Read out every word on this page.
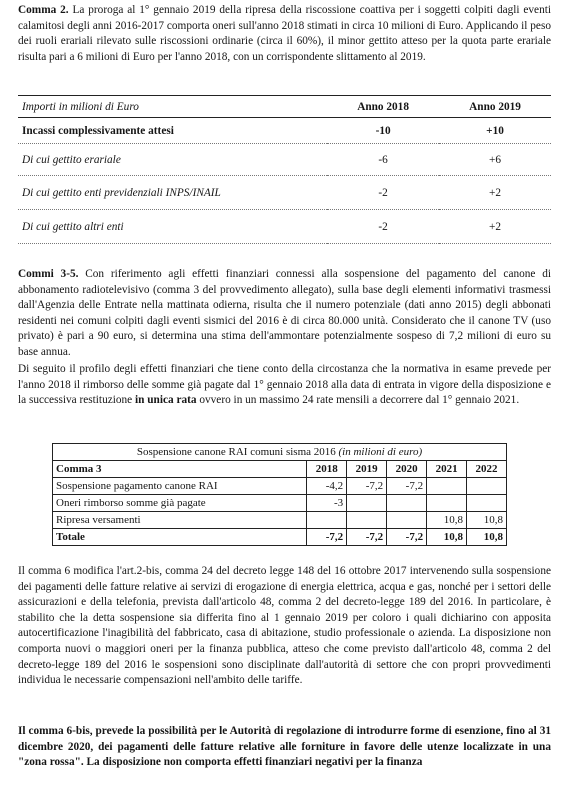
Comma 2. La proroga al 1° gennaio 2019 della ripresa della riscossione coattiva per i soggetti colpiti dagli eventi calamitosi degli anni 2016-2017 comporta oneri sull'anno 2018 stimati in circa 10 milioni di Euro. Applicando il peso dei ruoli erariali rilevato sulle riscossioni ordinarie (circa il 60%), il minor gettito atteso per la quota parte erariale risulta pari a 6 milioni di Euro per l'anno 2018, con un corrispondente slittamento al 2019.

Importi in milioni di Euro	Anno 2018	Anno 2019
Incassi complessivamente attesi	-10	+10
Di cui gettito erariale	-6	+6
Di cui gettito enti previdenziali INPS/INAIL	-2	+2
Di cui gettito altri enti	-2	+2

Commi 3-5. Con riferimento agli effetti finanziari connessi alla sospensione del pagamento del canone di abbonamento radiotelevisivo (comma 3 del provvedimento allegato), sulla base degli elementi informativi trasmessi dall'Agenzia delle Entrate nella mattinata odierna, risulta che il numero potenziale (dati anno 2015) degli abbonati residenti nei comuni colpiti dagli eventi sismici del 2016 è di circa 80.000 unità. Considerato che il canone TV (uso privato) è pari a 90 euro, si determina una stima dell'ammontare potenzialmente sospeso di 7,2 milioni di euro su base annua.

Di seguito il profilo degli effetti finanziari che tiene conto della circostanza che la normativa in esame prevede per l'anno 2018 il rimborso delle somme già pagate dal 1° gennaio 2018 alla data di entrata in vigore della disposizione e la successiva restituzione in unica rata ovvero in un massimo 24 rate mensili a decorrere dal 1° gennaio 2021.

Sospensione canone RAI comuni sisma 2016 (in milioni di euro)					
Comma 3	2018	2019	2020	2021	2022
Sospensione pagamento canone RAI	-4,2	-7,2	-7,2		
Oneri rimborso somme già pagate	-3				
Ripresa versamenti				10,8	10,8
Totale	-7,2	-7,2	-7,2	10,8	10,8

Il comma 6 modifica l'art.2-bis, comma 24 del decreto legge 148 del 16 ottobre 2017 intervenendo sulla sospensione dei pagamenti delle fatture relative ai servizi di erogazione di energia elettrica, acqua e gas, nonché per i settori delle assicurazioni e della telefonia, prevista dall'articolo 48, comma 2 del decreto-legge 189 del 2016. In particolare, è stabilito che la detta sospensione sia differita fino al 1 gennaio 2019 per coloro i quali dichiarino con apposita autocertificazione l'inagibilità del fabbricato, casa di abitazione, studio professionale o azienda. La disposizione non comporta nuovi o maggiori oneri per la finanza pubblica, atteso che come previsto dall'articolo 48, comma 2 del decreto-legge 189 del 2016 le sospensioni sono disciplinate dall'autorità di settore che con propri provvedimenti individua le necessarie compensazioni nell'ambito delle tariffe.

Il comma 6-bis, prevede la possibilità per le Autorità di regolazione di introdurre forme di esenzione, fino al 31 dicembre 2020, dei pagamenti delle fatture relative alle forniture in favore delle utenze localizzate in una "zona rossa". La disposizione non comporta effetti finanziari negativi per la finanza
